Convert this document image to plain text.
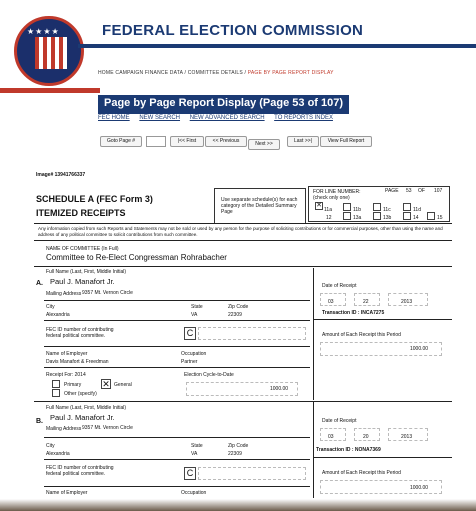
★★★★	FEDERAL ELECTION COMMISSION
HOME CAMPAIGN FINANCE DATA / COMMITTEE DETAILS / PAGE BY PAGE REPORT DISPLAY
Page by Page Report Display (Page 53 of 107)
FEC HOME NEW SEARCH NEW ADVANCED SEARCH TO REPORTS INDEX
Goto Page #	|<< First	<< Previous	Next >>	Last >>|	View Full Report
Image# 13941766337
SCHEDULE A (FEC Form 3)
ITEMIZED RECEIPTS
Use separate schedule(s) for each category of the Detailed Summary Page
FOR LINE NUMBER:
(check only one)
PAGE 53 OF 107
✕
11a	11b	11c	11d
12	13a	13b	14	15
Any information copied from such Reports and Statements may not be sold or used by any person for the purpose of soliciting contributions or for commercial purposes, other than using the name and address of any political committee to solicit contributions from such committee.
NAME OF COMMITTEE (In Full)
Committee to Re-Elect Congressman Rohrabacher
A.
Full Name (Last, First, Middle Initial)
Paul J. Manafort Jr.
Mailing Address 9357 Mt. Vernon Circle
City
Alexandria
State
VA
Zip Code
22309
FEC ID number of contributing federal political committee.	C
Name of Employer
Davis Manafort & Freedman
Occupation
Partner
Receipt For: 2014
Primary ✕ General
Other (specify)
Election Cycle-to-Date
1000.00
Date of Receipt
03	22	2013
Transaction ID : INCA7275
Amount of Each Receipt this Period
1000.00
B.
Full Name (Last, First, Middle Initial)
Paul J. Manafort Jr.
Mailing Address 9357 Mt. Vernon Circle
City
Alexandria
State
VA
Zip Code
22309
FEC ID number of contributing federal political committee.	C
Name of Employer	Occupation
Date of Receipt
03	20	2013
Transaction ID : NONA7369
Amount of Each Receipt this Period
1000.00
